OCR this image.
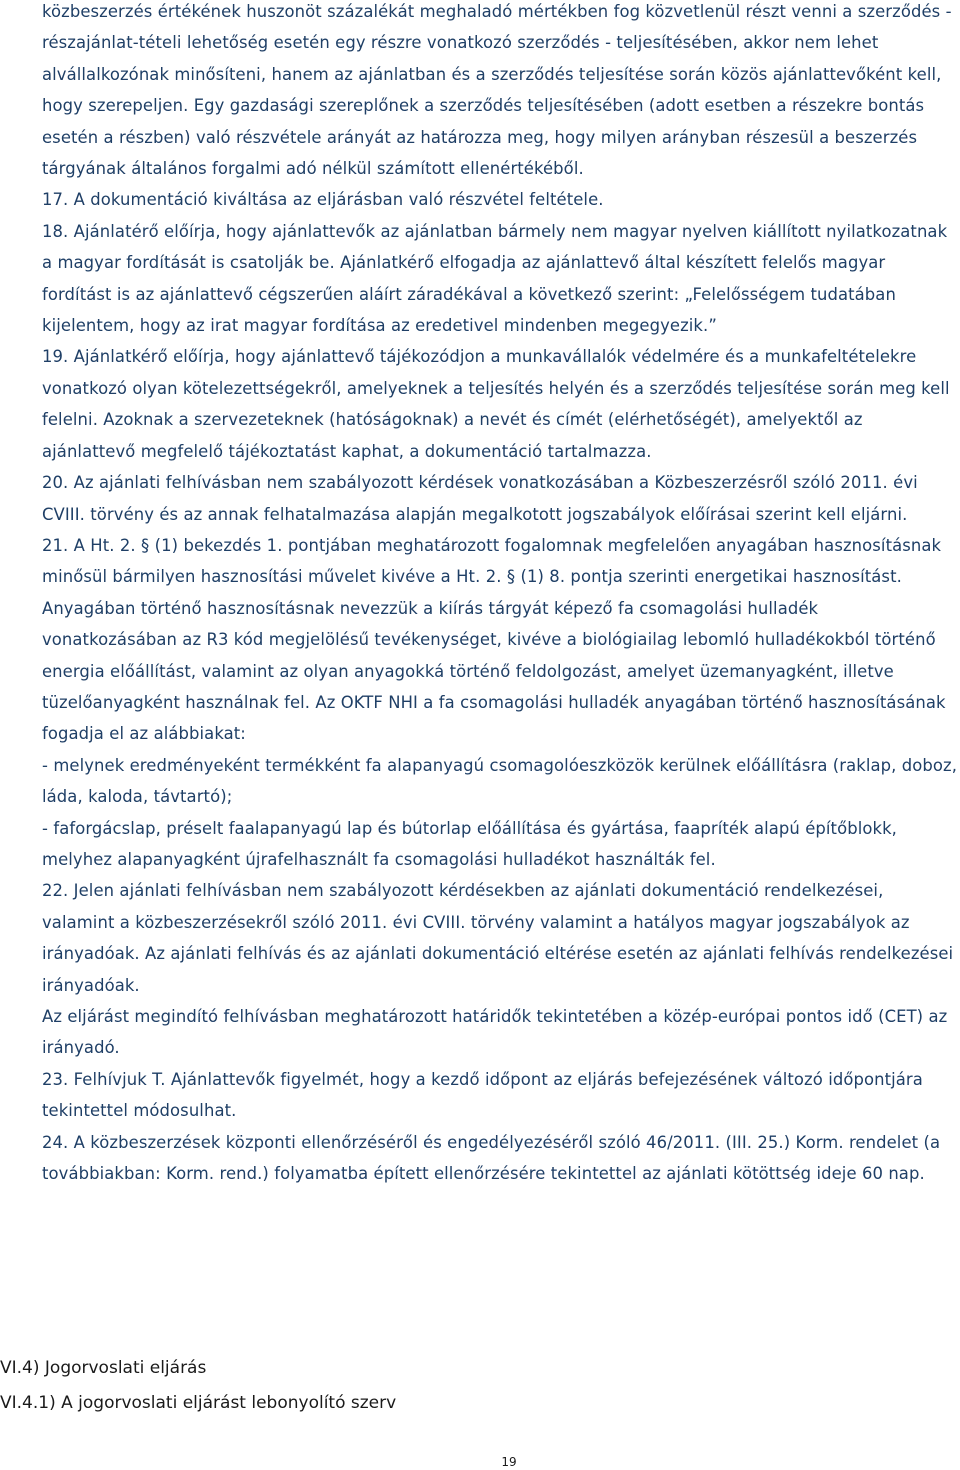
közbeszerzés értékének huszonöt százalékát meghaladó mértékben fog közvetlenül részt venni a szerződés - részajánlat-tételi lehetőség esetén egy részre vonatkozó szerződés - teljesítésében, akkor nem lehet alvállalkozónak minősíteni, hanem az ajánlatban és a szerződés teljesítése során közös ajánlattevőként kell, hogy szerepeljen. Egy gazdasági szereplőnek a szerződés teljesítésében (adott esetben a részekre bontás esetén a részben) való részvétele arányát az határozza meg, hogy milyen arányban részesül a beszerzés tárgyának általános forgalmi adó nélkül számított ellenértékéből.

17. A dokumentáció kiváltása az eljárásban való részvétel feltétele.

18. Ajánlatérő előírja, hogy ajánlattevők az ajánlatban bármely nem magyar nyelven kiállított nyilatkozatnak a magyar fordítását is csatolják be. Ajánlatkérő elfogadja az ajánlattevő által készített felelős magyar fordítást is az ajánlattevő cégszerűen aláírt záradékával a következő szerint: „Felelősségem tudatában kijelentem, hogy az irat magyar fordítása az eredetivel mindenben megegyezik.”

19. Ajánlatkérő előírja, hogy ajánlattevő tájékozódjon a munkavállalók védelmére és a munkafeltételekre vonatkozó olyan kötelezettségekről, amelyeknek a teljesítés helyén és a szerződés teljesítése során meg kell felelni. Azoknak a szervezeteknek (hatóságoknak) a nevét és címét (elérhetőségét), amelyektől az ajánlattevő megfelelő tájékoztatást kaphat, a dokumentáció tartalmazza.

20. Az ajánlati felhívásban nem szabályozott kérdések vonatkozásában a Közbeszerzésről szóló 2011. évi CVIII. törvény és az annak felhatalmazása alapján megalkotott jogszabályok előírásai szerint kell eljárni.

21. A Ht. 2. § (1) bekezdés 1. pontjában meghatározott fogalomnak megfelelően anyagában hasznosításnak minősül bármilyen hasznosítási művelet kivéve a Ht. 2. § (1) 8. pontja szerinti energetikai hasznosítást. Anyagában történő hasznosításnak nevezzük a kiírás tárgyát képező fa csomagolási hulladék vonatkozásában az R3 kód megjelölésű tevékenységet, kivéve a biológiailag lebomló hulladékokból történő energia előállítást, valamint az olyan anyagokká történő feldolgozást, amelyet üzemanyagként, illetve tüzelőanyagként használnak fel. Az OKTF NHI a fa csomagolási hulladék anyagában történő hasznosításának fogadja el az alábbiakat:

- melynek eredményeként termékként fa alapanyagú csomagolóeszközök kerülnek előállításra (raklap, doboz, láda, kaloda, távtartó);

- faforgácslap, préselt faalapanyagú lap és bútorlap előállítása és gyártása, faapríték alapú építőblokk, melyhez alapanyagként újrafelhasznált fa csomagolási hulladékot használták fel.

22. Jelen ajánlati felhívásban nem szabályozott kérdésekben az ajánlati dokumentáció rendelkezései, valamint a közbeszerzésekről szóló 2011. évi CVIII. törvény valamint a hatályos magyar jogszabályok az irányadóak. Az ajánlati felhívás és az ajánlati dokumentáció eltérése esetén az ajánlati felhívás rendelkezései irányadóak.

Az eljárást megindító felhívásban meghatározott határidők tekintetében a közép-európai pontos idő (CET) az irányadó.

23. Felhívjuk T. Ajánlattevők figyelmét, hogy a kezdő időpont az eljárás befejezésének változó időpontjára tekintettel módosulhat.

24. A közbeszerzések központi ellenőrzéséről és engedélyezéséről szóló 46/2011. (III. 25.) Korm. rendelet (a továbbiakban: Korm. rend.) folyamatba épített ellenőrzésére tekintettel az ajánlati kötöttség ideje 60 nap.

VI.4) Jogorvoslati eljárás

VI.4.1) A jogorvoslati eljárást lebonyolító szerv

19
